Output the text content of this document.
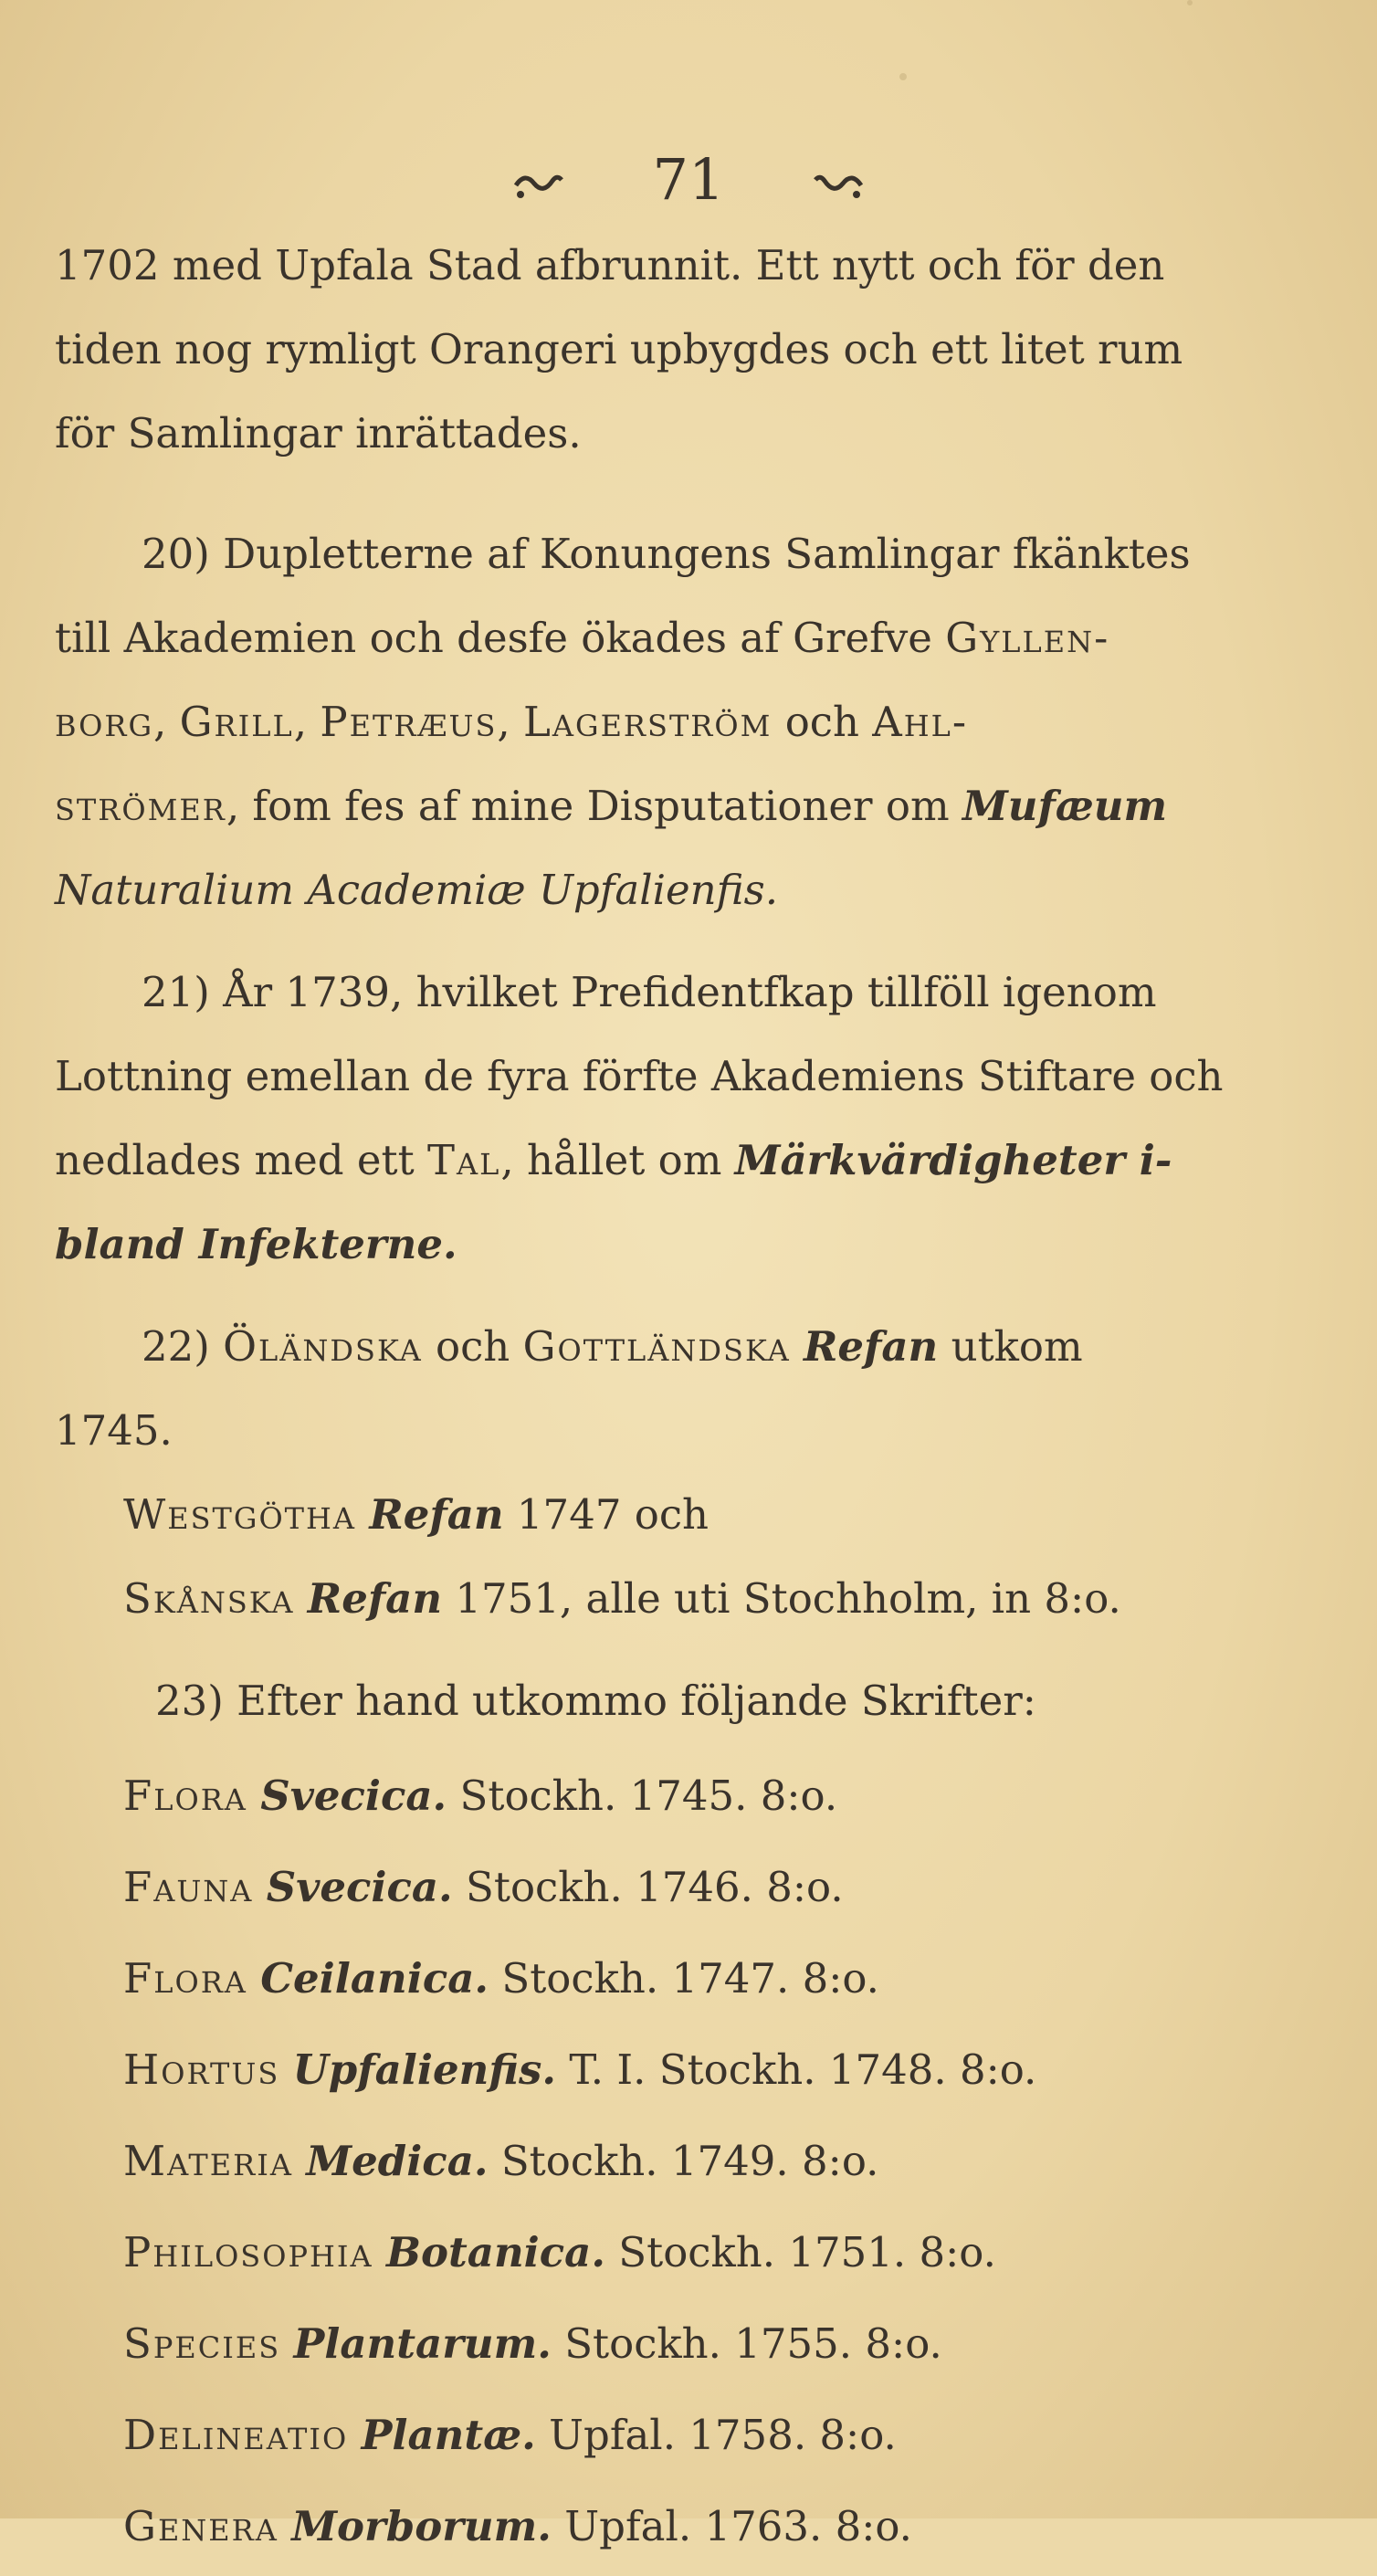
71

1702 med Upfala Stad afbrunnit. Ett nytt och för den

tiden nog rymligt Orangeri upbygdes och ett litet rum

för Samlingar inrättades.

20) Dupletterne af Konungens Samlingar fkänktes

till Akademien och desfe ökades af Grefve Gyllen-

borg, Grill, Petræus, Lagerström och Ahl-

strömer, fom fes af mine Disputationer om Mufæum

Naturalium Academiæ Upfalienfis.

21) År 1739, hvilket Prefidentfkap tillföll igenom

Lottning emellan de fyra förfte Akademiens Stiftare och

nedlades med ett Tal, hållet om Märkvärdigheter i-

bland Infekterne.

22) Öländska och Gottländska Refan utkom

1745.

Westgötha Refan 1747 och

Skånska Refan 1751, alle uti Stochholm, in 8:o.

23) Efter hand utkommo följande Skrifter:

Flora Svecica. Stockh. 1745. 8:o.

Fauna Svecica. Stockh. 1746. 8:o.

Flora Ceilanica. Stockh. 1747. 8:o.

Hortus Upfalienfis. T. I. Stockh. 1748. 8:o.

Materia Medica. Stockh. 1749. 8:o.

Philosophia Botanica. Stockh. 1751. 8:o.

Species Plantarum. Stockh. 1755. 8:o.

Delineatio Plantæ. Upfal. 1758. 8:o.

Genera Morborum. Upfal. 1763. 8:o.
